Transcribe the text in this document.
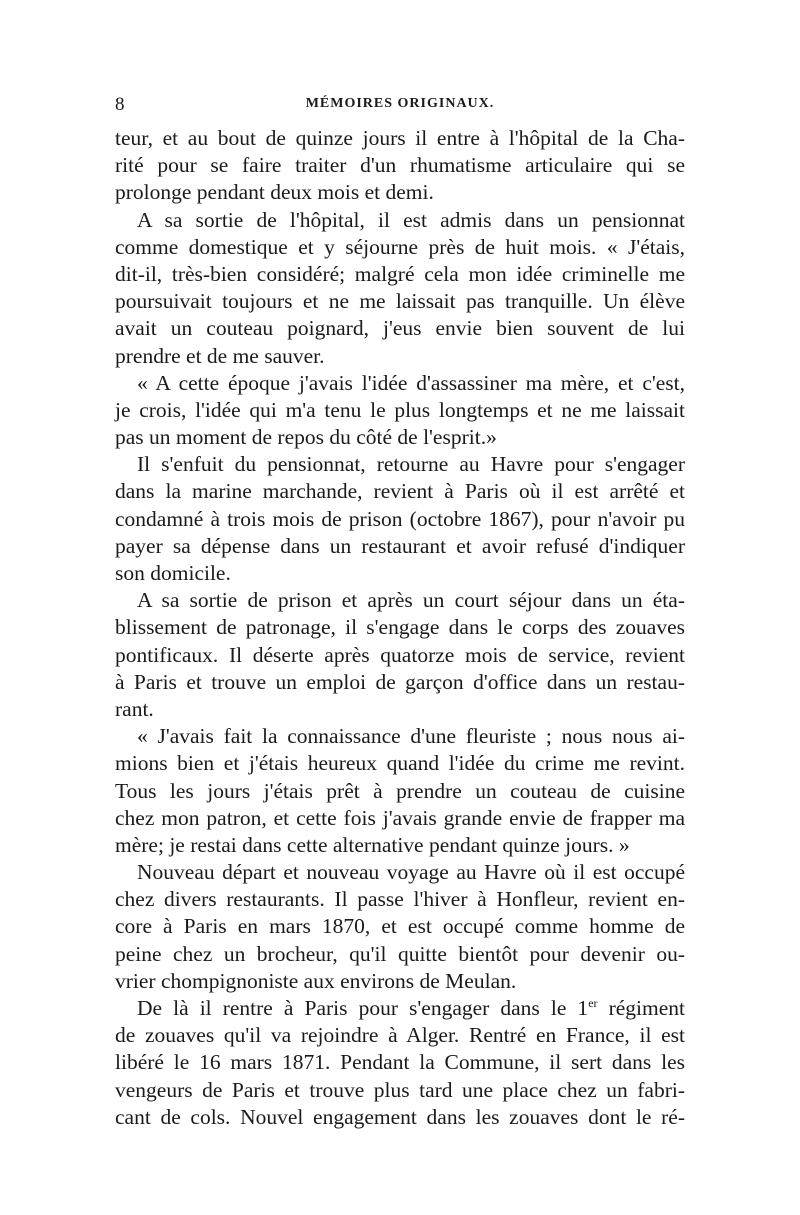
8	MÉMOIRES ORIGINAUX.
teur, et au bout de quinze jours il entre à l'hôpital de la Cha-
rité pour se faire traiter d'un rhumatisme articulaire qui se
prolonge pendant deux mois et demi.
A sa sortie de l'hôpital, il est admis dans un pensionnat
comme domestique et y séjourne près de huit mois. « J'étais,
dit-il, très-bien considéré; malgré cela mon idée criminelle me
poursuivait toujours et ne me laissait pas tranquille. Un élève
avait un couteau poignard, j'eus envie bien souvent de lui
prendre et de me sauver.
« A cette époque j'avais l'idée d'assassiner ma mère, et c'est,
je crois, l'idée qui m'a tenu le plus longtemps et ne me laissait
pas un moment de repos du côté de l'esprit.»
Il s'enfuit du pensionnat, retourne au Havre pour s'engager
dans la marine marchande, revient à Paris où il est arrêté et
condamné à trois mois de prison (octobre 1867), pour n'avoir pu
payer sa dépense dans un restaurant et avoir refusé d'indiquer
son domicile.
A sa sortie de prison et après un court séjour dans un éta-
blissement de patronage, il s'engage dans le corps des zouaves
pontificaux. Il déserte après quatorze mois de service, revient
à Paris et trouve un emploi de garçon d'office dans un restau-
rant.
« J'avais fait la connaissance d'une fleuriste ; nous nous ai-
mions bien et j'étais heureux quand l'idée du crime me revint.
Tous les jours j'étais prêt à prendre un couteau de cuisine
chez mon patron, et cette fois j'avais grande envie de frapper ma
mère; je restai dans cette alternative pendant quinze jours. »
Nouveau départ et nouveau voyage au Havre où il est occupé
chez divers restaurants. Il passe l'hiver à Honfleur, revient en-
core à Paris en mars 1870, et est occupé comme homme de
peine chez un brocheur, qu'il quitte bientôt pour devenir ou-
vrier chompignoniste aux environs de Meulan.
De là il rentre à Paris pour s'engager dans le 1er régiment
de zouaves qu'il va rejoindre à Alger. Rentré en France, il est
libéré le 16 mars 1871. Pendant la Commune, il sert dans les
vengeurs de Paris et trouve plus tard une place chez un fabri-
cant de cols. Nouvel engagement dans les zouaves dont le ré-
